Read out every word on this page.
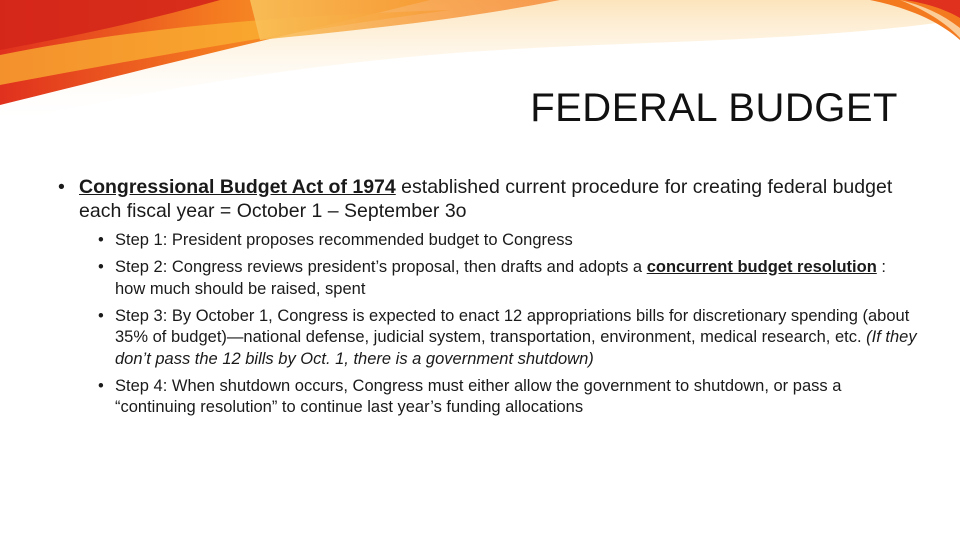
FEDERAL BUDGET
• Congressional Budget Act of 1974 established current procedure for creating federal budget each fiscal year = October 1 – September 3o
• Step 1: President proposes recommended budget to Congress
• Step 2: Congress reviews president’s proposal, then drafts and adopts a concurrent budget resolution : how much should be raised, spent
• Step 3: By October 1, Congress is expected to enact 12 appropriations bills for discretionary spending (about 35% of budget)—national defense, judicial system, transportation, environment, medical research, etc. (If they don’t pass the 12 bills by Oct. 1, there is a government shutdown)
• Step 4: When shutdown occurs, Congress must either allow the government to shutdown, or pass a “continuing resolution” to continue last year’s funding allocations
